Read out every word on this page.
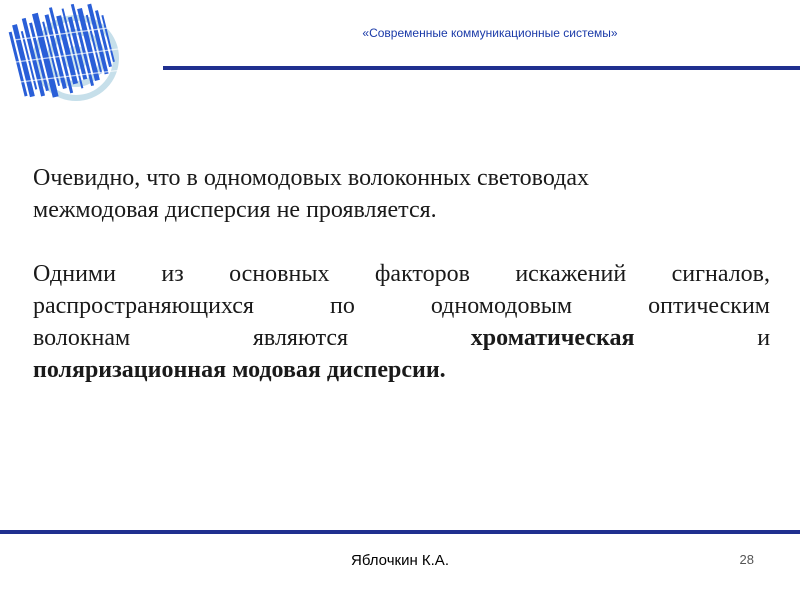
«Современные коммуникационные системы»

Очевидно, что в одномодовых волоконных световодах

межмодовая дисперсия не проявляется.

Одними из основных факторов искажений сигналов,
распространяющихся по одномодовым оптическим
волокнам являются	хроматическая	и
поляризационная модовая дисперсии.
Яблочкин К.А.	28
